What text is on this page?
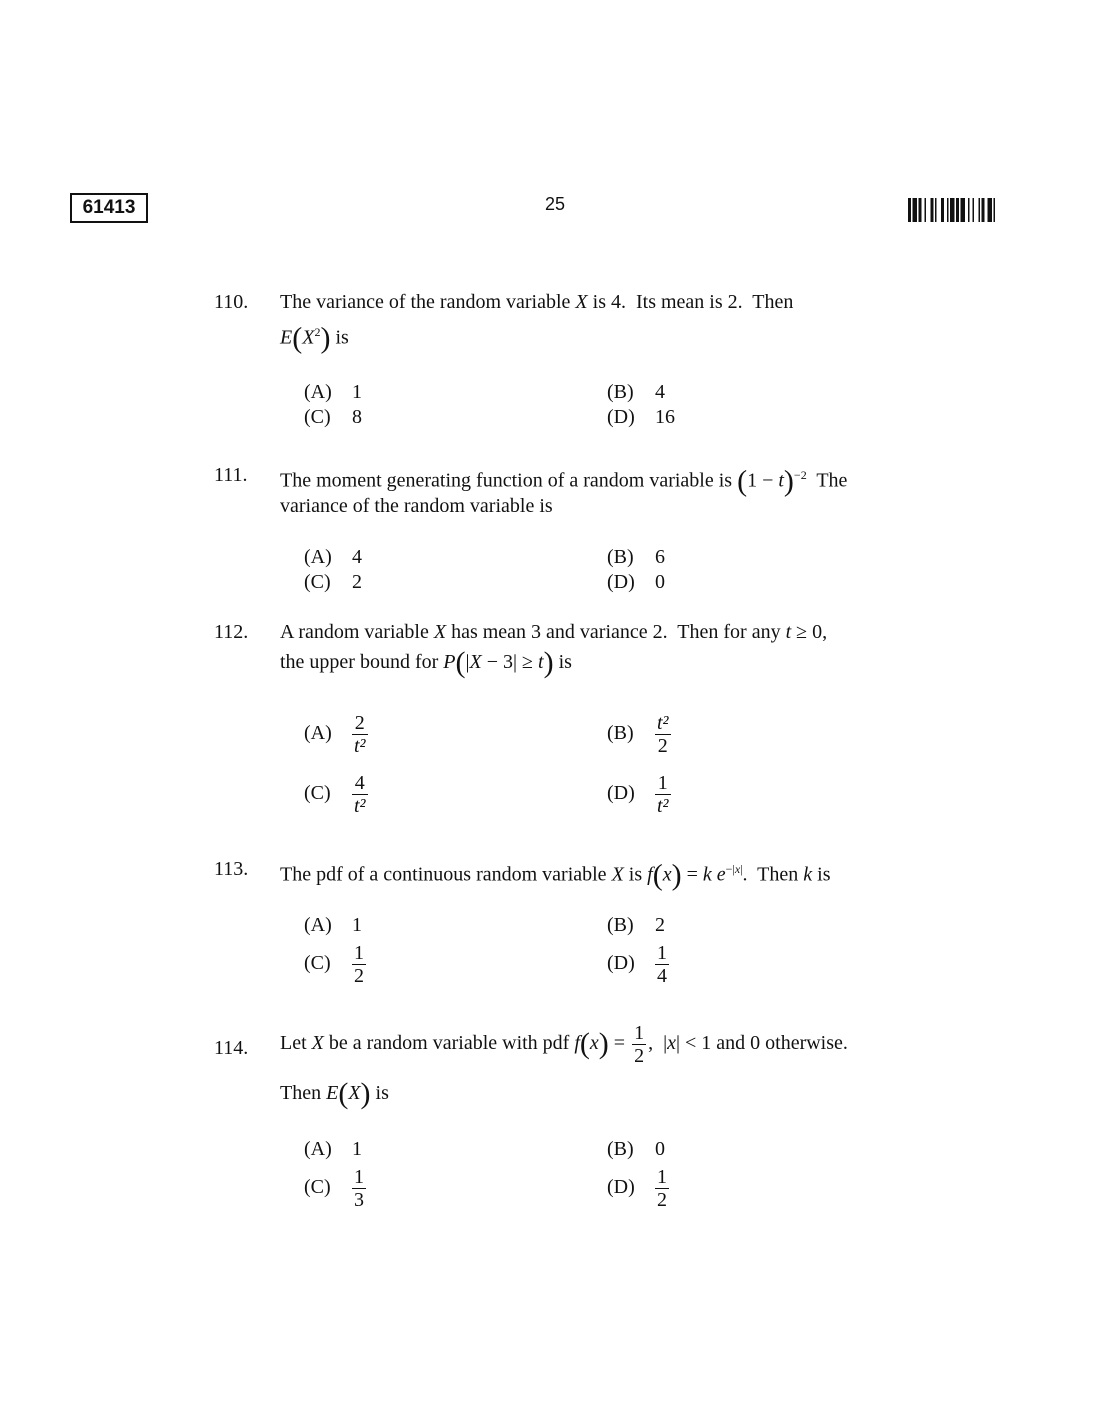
61413	25
110.	The variance of the random variable X is 4.  Its mean is 2.  Then
$E(X^2)$ is
(A) 1	(B) 4
(C) 8	(D) 16
111.	The moment generating function of a random variable is $(1 - t)^{-2}$  The
variance of the random variable is
(A) 4	(B) 6
(C) 2	(D) 0
112.	A random variable X has mean 3 and variance 2.  Then for any t ≥ 0,
the upper bound for P(|X − 3| ≥ t) is
$(A) \frac{2}{\text{t²}}$	$(B) \frac{\text{t²}}{2}$
$(C) \frac{4}{\text{t²}}$	$(D) \frac{1}{\text{t²}}$
113.	The pdf of a continuous random variable X is f(x) = k $e^{-|x|}$.  Then k is
(A) 1	(B) 2
$(C) \frac{1}{2}$	$(D) \frac{1}{4}$
114.	Let X be a random variable with pdf $f(x) = \frac{1}{2}$ ,  |x| < 1 and 0 otherwise.
Then E(X) is
(A) 1	(B) 0
$(C) \frac{1}{3}$	$(D) \frac{1}{2}$
